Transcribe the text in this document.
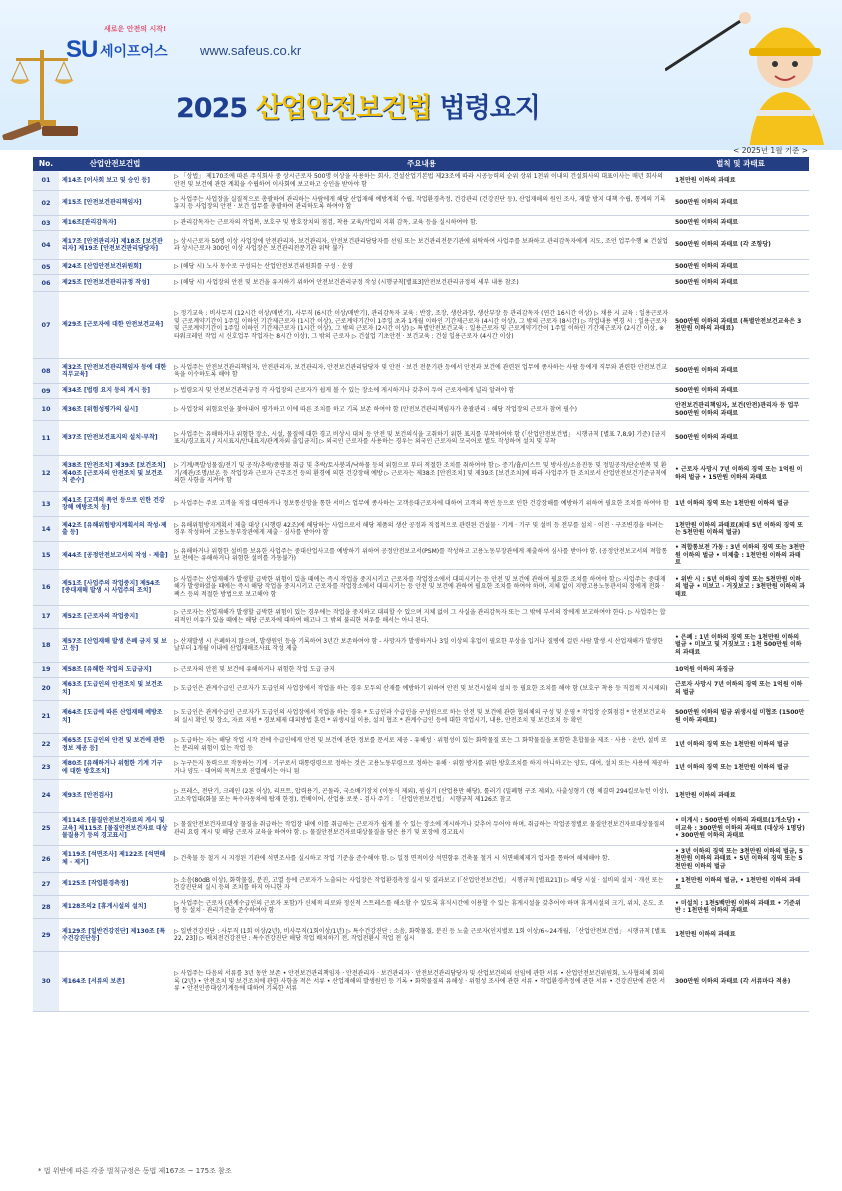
새로운 안전의 시작!
SU 세이프어스 www.safeus.co.kr
2025 산업안전보건법 법령요지
< 2025년 1월 기준 >
No.	산업안전보건법	주요내용	벌칙 및 과태료
01	제14조 [이사회 보고 및 승인 등]	▷ 「상법」 제170조에 따른 주식회사 중 상시근로자 500명 이상을 사용하는 회사, 건설산업기본법 제23조에 따라 시공능력의 순위 상위 1천위 이내의 건설회사의 대표이사는 매년 회사의 안전 및 보건에 관한 계획을 수립하여 이사회에 보고하고 승인을 받아야 함	1천만원 이하의 과태료
02	제15조 [안전보건관리책임자]	▷ 사업주는 사업장을 실질적으로 총괄하여 관리하는 사람에게 해당 산업재해 예방계획 수립, 작업환경측정, 건강관리 (건강진단 등), 산업재해의 원인 조사, 재발 방지 대책 수립, 통계의 기록 유지 등 사업장의 안전 · 보건 업무를 총괄하여 관리하도록 하여야 함	500만원 이하의 과태료
03	제16조[관리감독자]	▷ 관리감독자는 근로자의 작업복, 보호구 및 방호장치의 점검, 착용 교육/작업의 지휘 감독, 교육 등을 실시하여야 함.	500만원 이하의 과태료
04	제17조 [안전관리자] 제18조 [보건관리자] 제19조 [안전보건관리담당자]	▷ 상시근로자 50명 이상 사업장에 안전관리자, 보건관리자, 안전보건관리담당자를 선임 또는 보건관리전문기관에 위탁하여 사업주를 보좌하고 관리감독자에게 지도, 조언 업무수행 ※ 건설업과 상시근로자 300인 이상 사업장은 보건관리전문기관 위탁 불가	500만원 이하의 과태료 (각 조항당)
05	제24조 [산업안전보건위원회]	▷ (해당 시) 노사 동수로 구성되는 산업안전보건위원회를 구성 · 운영	500만원 이하의 과태료
06	제25조 [안전보건관리규정 작성]	▷ (해당 시) 사업장의 안전 및 보건을 유지하기 위하여 안전보건관리규정 작성 (시행규칙[별표3]안전보건관리규정의 세부 내용 참조)	500만원 이하의 과태료
07	제29조 [근로자에 대한 안전보건교육]	▷ 정기교육 : 비사무직 (12시간 이상/매반기), 사무직 (6시간 이상/매반기), 관리감독자 교육 : 반장, 조장, 생산과장, 생산부장 등 관리감독자 (연간 16시간 이상) ▷ 채용 시 교육 : 일용근로자 및 근로계약기간이 1주일 이하인 기간제근로자 (1시간 이상), 근로계약기간이 1주일 초과 1개월 이하인 기간제근로자 (4시간 이상), 그 밖의 근로자 (8시간) ▷ 작업내용 변경 시 : 일용근로자 및 근로계약기간이 1주일 이하인 기간제근로자 (1시간 이상), 그 밖의 근로자 (2시간 이상) ▷ 특별안전보건교육 : 일용근로자 및 근로계약기간이 1주일 이하인 기간제근로자 (2시간 이상, ※ 타워크레인 작업 시 신호업무 작업자는 8시간 이상), 그 밖의 근로자 ▷ 건설업 기초안전 · 보건교육 : 건설 일용근로자 (4시간 이상)	500만원 이하의 과태료 (특별안전보건교육은 3천만원 이하의 과태료)
08	제32조 [안전보건관리책임자 등에 대한 직무교육]	▷ 사업주는 안전보건관리책임자, 안전관리자, 보건관리자, 안전보건관리담당자 및 안전 · 보건 전문기관 등에서 안전과 보건에 관련된 업무에 종사하는 사람 등에게 직무와 관련한 안전보건교육을 이수하도록 해야 함	500만원 이하의 과태료
09	제34조 [법령 요지 등의 게시 등]	▷ 법령요지 및 안전보건관리규정 각 사업장의 근로자가 쉽게 볼 수 있는 장소에 게시하거나 갖추어 두어 근로자에게 널리 알려야 함	500만원 이하의 과태료
10	제36조 [위험성평가의 실시]	▷ 사업장의 위험요인을 찾아내어 평가하고 이에 따른 조치를 하고 기록 보존 하여야 함 (안전보건관리책임자가 총괄관리 : 해당 작업장의 근로자 참여 필수)	안전보건관리책임자, 보건(안전)관리자 등 업무 500만원 이하의 과태료
11	제37조 [안전보건표지의 설치·부착]	▷ 사업주는 유해하거나 위험한 장소, 시설, 물질에 대한 경고 비상시 대처 등 안전 및 보건의식을 고취하기 위한 표지를 부착하여야 함 (「산업안전보건법」 시행규칙 [별표 7,8,9] 기준) [금지표지/경고표지 / 지시표지/안내표지/관계자외 출입금지] ▷ 외국인 근로자를 사용하는 경우는 외국인 근로자의 모국어로 별도 작성하여 설치 및 부착	500만원 이하의 과태료
12	제38조 [안전조치] 제39조 [보건조치] 제40조 [근로자의 안전조치 및 보건조치 준수]	▷ 기계/폭발성물질/전기 및 공작/추락/중량물 취급 및 추락/토사붕괴/낙하물 등의 위험으로 부터 적절한 조치를 취하여야 함 ▷ 증기/흄/미스트 및 방사선/소음진동 및 정밀공작/단순반복 및 환기/재관/조명/보온 등 작업장과 근로자 근무조건 등의 환경에 의한 건강장해 예방 ▷ 근로자는 제38조 [안전조치] 및 제39조 [보건조치]에 따라 사업주가 한 조치로서 산업안전보건기준규칙에 의한 사항을 지켜야 함	• 근로자 사망시 7년 이하의 징역 또는 1억원 이하의 벌금 • 15만원 이하의 과태료
13	제41조 [고객의 폭언 등으로 인한 건강장해 예방조치 등]	▷ 사업주는 주로 고객을 직접 대면하거나 정보통신망을 통한 서비스 업무에 종사하는 고객응대근로자에 대하여 고객의 폭언 등으로 인한 건강장해를 예방하기 위하여 필요한 조치를 하여야 함	1년 이하의 징역 또는 1천만원 이하의 벌금
14	제42조 [유해위험방지계획서의 작성·제출 등]	▷ 유해위험방지계획서 제출 대상 (시행령 42조)에 해당하는 사업으로서 해당 제품의 생산 공정과 직접적으로 관련된 건설물 · 기계 · 기구 및 설비 등 전부를 설치 · 이전 · 구조변경을 하려는 경우 작성하여 고용노동부장관에게 제출 · 심사를 받아야 함	1천만원 이하의 과태료(최대 5년 이하의 징역 또는 5천만원 이하의 벌금)
15	제44조 [공정안전보고서의 작성 · 제출]	▷ 유해하거나 위험한 설비를 보유한 사업주는 중대산업사고를 예방하기 위하여 공정안전보고서(PSM)를 작성하고 고용노동부장관에게 제출하여 심사를 받아야 함. (공정안전보고서의 적합통보 전에는 유해하거나 위험한 설비를 가동불가)	• 적합통보전 가동 : 3년 이하의 징역 또는 3천만원 이하의 벌금 • 미제출 : 1천만원 이하의 과태료
16	제51조 [사업주의 작업중지] 제54조 [중대재해 발생 시 사업주의 조치]	▷ 사업주는 산업재해가 발생할 급박한 위험이 있을 때에는 즉시 작업을 중지시키고 근로자를 작업장소에서 대피시키는 등 안전 및 보건에 관하여 필요한 조치를 하여야 함 ▷ 사업주는 중대재해가 발생하였을 때에는 즉시 해당 작업을 중지시키고 근로자를 작업장소에서 대피시키는 등 안전 및 보건에 관하여 필요한 조치를 하여야 하며, 지체 없이 지방고용노동관서의 장에게 전화 · 팩스 등의 적절한 방법으로 보고해야 함	• 위반 시 : 5년 이하의 징역 또는 5천만원 이하의 벌금 • 미보고 · 거짓보고 : 3천만원 이하의 과태료
17	제52조 [근로자의 작업중지]	▷ 근로자는 산업재해가 발생할 급박한 위험이 있는 경우에는 작업을 중지하고 대피할 수 있으며 지체 없이 그 사실을 관리감독자 또는 그 밖에 부서의 장에게 보고하여야 한다. ▷ 사업주는 합리적인 이유가 있을 때에는 해당 근로자에 대하여 해고나 그 밖의 불리한 처우를 해서는 아니 된다.	
18	제57조 [산업재해 발생 은폐 금지 및 보고 등]	▷ 산재발생 시 은폐하지 않으며, 발생원인 등을 기록하여 3년간 보존하여야 함 - 사망자가 발생하거나 3일 이상의 휴업이 필요한 부상을 입거나 질병에 걸린 사람 발생 시 산업재해가 발생한 날부터 1개월 이내에 산업재해조사표 작성 제출	• 은폐 : 1년 이하의 징역 또는 1천만원 이하의 벌금 • 미보고 및 거짓보고 : 1천 500만원 이하의 과태료
19	제58조 [유해한 작업의 도급금지]	▷ 근로자의 안전 및 보건에 유해하거나 위험한 작업 도급 금지	10억원 이하의 과징금
20	제63조 [도급인의 안전조치 및 보건조치]	▷ 도급인은 관계수급인 근로자가 도급인의 사업장에서 작업을 하는 경우 모두의 산재를 예방하기 위하여 안전 및 보건시설의 설치 등 필요한 조치를 해야 함 (보호구 착용 등 직접적 지시제외)	근로자 사망시 7년 이하의 징역 또는 1억원 이하의 벌금
21	제64조 [도급에 따른 산업재해 예방조치]	▷ 도급인은 관계수급인 근로자가 도급인의 사업장에서 작업을 하는 경우 * 도급인과 수급인을 구성원으로 하는 안전 및 보건에 관한 협의체의 구성 및 운영 * 작업장 순회점검 * 안전보건교육의 실시 확인 및 장소, 자료 지원 * 경보체제 대피방법 훈련 * 위생시설 이용, 설치 협조 * 관계수급인 등에 대한 작업시기, 내용, 안전조치 및 보건조치 등 확인	500만원 이하의 벌금 위생시설 미협조 (1500만원 이하 과태료)
22	제65조 [도급인의 안전 및 보건에 관한 정보 제공 등]	▷ 도급하는 자는 해당 작업 시작 전에 수급인에게 안전 및 보건에 관한 정보를 문서로 제공 - 유해성 · 위험성이 있는 화학물질 또는 그 화학물질을 포함한 혼합물을 제조 · 사용 · 운반, 설비 또는 분리의 위험이 있는 작업 등	1년 이하의 징역 또는 1천만원 이하의 벌금
23	제80조 [유해하거나 위험한 기계 기구에 대한 방호조치]	▷ 누구든지 동력으로 작동하는 기계 · 기구로서 대통령령으로 정하는 것은 고용노동부령으로 정하는 유해 · 위험 방지를 위한 방호조치를 하지 아니하고는 양도, 대여, 설치 또는 사용에 제공하거나 양도 · 대여의 목적으로 진열해서는 아니 됨	1년 이하의 징역 또는 1천만원 이하의 벌금
24	제93조 [안전검사]	▷ 프레스, 전단기, 크레인 (2톤 이상), 리프트, 압력용기, 곤돌라, 국소배기장치 (이동식 제외), 원심기 (산업용만 해당), 롤러기 (밀폐형 구조 제외), 사출성형기 (형 체결력 294킬로뉴턴 이상), 고소작업대(화물 또는 특수자동차에 탑재 한정), 컨베이어, 산업용 로봇 - 검사 주기 : 「산업안전보건법」 시행규칙 제126조 참고	1천만원 이하의 과태료
25	제114조 [물질안전보건자료의 게시 및 교육] 제115조 [물질안전보건자료 대상물질용기 등의 경고표시]	▷ 물질안전보건자료대상 물질을 취급하는 작업장 내에 이를 취급하는 근로자가 쉽게 볼 수 있는 장소에 게시하거나 갖추어 두어야 하며, 취급하는 작업공정별로 물질안전보건자료대상물질의 관리 요령 게시 및 해당 근로자 교육을 하여야 함. ▷ 물질안전보건자료대상물질을 담은 용기 및 포장에 경고표시	• 미게시 : 500만원 이하의 과태료(1개소당) • 미교육 : 300만원 이하의 과태료 (대상자 1명당) • 300만원 이하의 과태료
26	제119조 [석면조사] 제122조 [석면해체 · 제거]	▷ 건축물 등 철거 시 지정된 기관에 석면조사를 실시하고 작업 기준을 준수해야 함. ▷ 일정 면적이상 석면함유 건축물 철거 시 석면해체제거 업자를 통하여 해체해야 함.	• 3년 이하의 징역 또는 3천만원 이하의 벌금, 5천만원 이하의 과태료 • 5년 이하의 징역 또는 5천만원 이하의 벌금
27	제125조 [작업환경측정]	▷ 소음(80dB 이상), 화학물질, 분진, 고열 등에 근로자가 노출되는 사업장은 작업환경측정 실시 및 결과보고 (「산업안전보건법」 시행규칙 [별표21]) ▷ 해당 시설 · 설비의 설치 · 개선 또는 건강진단의 실시 등의 조치를 하지 아니한 자	• 1천만원 이하의 벌금, • 1천만원 이하의 과태료
28	제128조의2 [휴게시설의 설치]	▷ 사업주는 근로자 (관계수급인의 근로자 포함)가 신체적 피로와 정신적 스트레스를 해소할 수 있도록 휴식시간에 이용할 수 있는 휴게시설을 갖추어야 하며 휴게시설의 크기, 위치, 온도, 조명 등 설치 · 관리기준을 준수하여야 함	• 미설치 : 1천5백만원 이하의 과태료 • 기준위반 : 1천만원 이하의 과태료
29	제129조 [일반건강진단] 제130조 [특수건강진단등]	▷ 일반건강진단 : 사무직 (1회 이상/2년), 비사무직(1회이상/1년) ▷ 특수건강진단 : 소음, 화학물질, 분진 등 노출 근로자(인지별로 1회 이상/6~24개월, 「산업안전보건법」 시행규칙 [별표 22, 23]) ▷ 배치전건강진단 : 특수건강진단 해당 작업 배치하기 전, 작업전환시 작업 전 실시	1천만원 이하의 과태료
30	제164조 [서류의 보존]	▷ 사업주는 다음의 서류를 3년 동안 보존 • 안전보건관리책임자 · 안전관리자 · 보건관리자 · 안전보건관리담당자 및 산업보건의의 선임에 관한 서류 • 산업안전보건위원회, 노사협의체 회의록 (2년) • 안전조치 및 보건조치에 관한 사항을 적은 서류 • 산업재해의 발생원인 등 기록 • 화학물질의 유해성 · 위험성 조사에 관한 서류 • 작업환경측정에 관한 서류 • 건강진단에 관한 서류 • 안전인증대상기계등에 대하여 기록한 서류	300만원 이하의 과태료 (각 서류마다 적용)
* 법 위반에 따른 각종 벌칙규정은 동법 제167조 ~ 175조 참조
